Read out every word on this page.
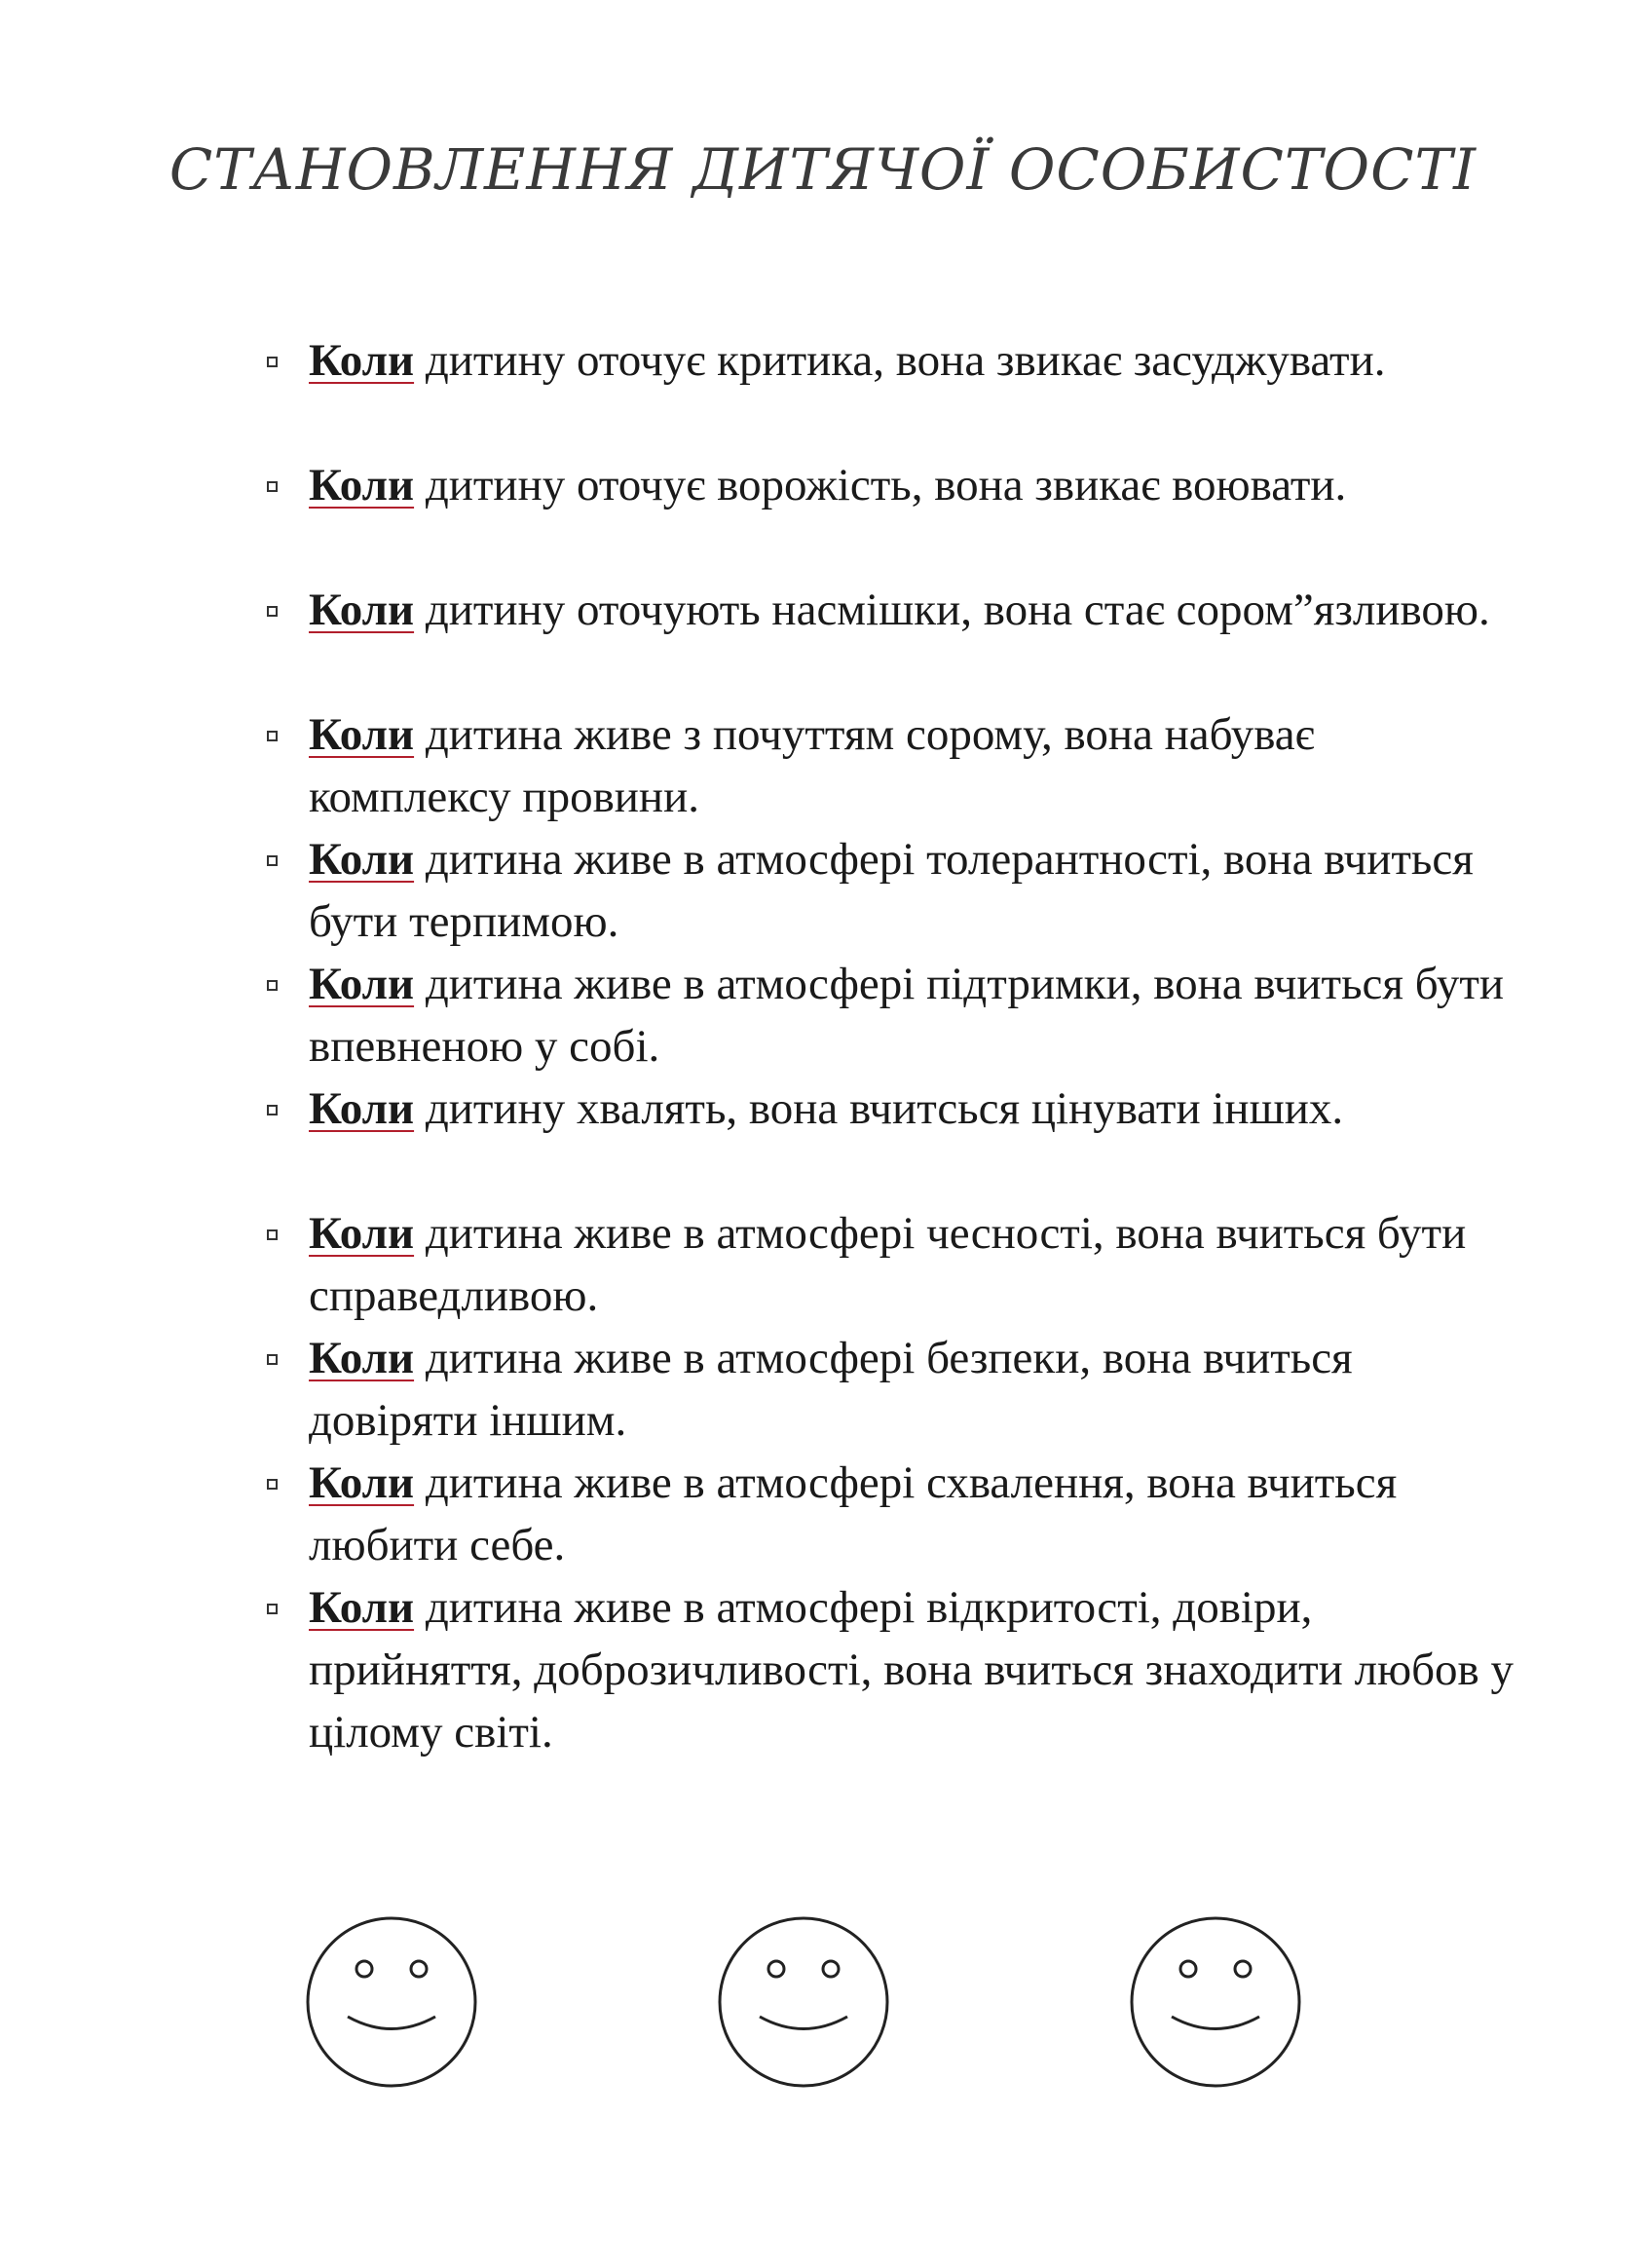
СТАНОВЛЕННЯ ДИТЯЧОЇ ОСОБИСТОСТІ
Коли дитину оточує критика, вона звикає засуджувати.
Коли дитину оточує ворожість, вона звикає воювати.
Коли дитину оточують насмішки, вона стає сором”язливою.
Коли дитина живе з почуттям сорому, вона набуває комплексу провини.
Коли дитина живе в атмосфері толерантності, вона вчиться бути терпимою.
Коли дитина живе в атмосфері підтримки, вона вчиться бути впевненою у собі.
Коли дитину хвалять, вона вчитсься цінувати інших.
Коли дитина живе в атмосфері чесності, вона вчиться бути справедливою.
Коли дитина живе в атмосфері безпеки, вона вчиться довіряти іншим.
Коли дитина живе в атмосфері схвалення, вона вчиться любити себе.
Коли дитина живе в атмосфері відкритості, довіри, прийняття, доброзичливості, вона вчиться знаходити любов у цілому світі.
